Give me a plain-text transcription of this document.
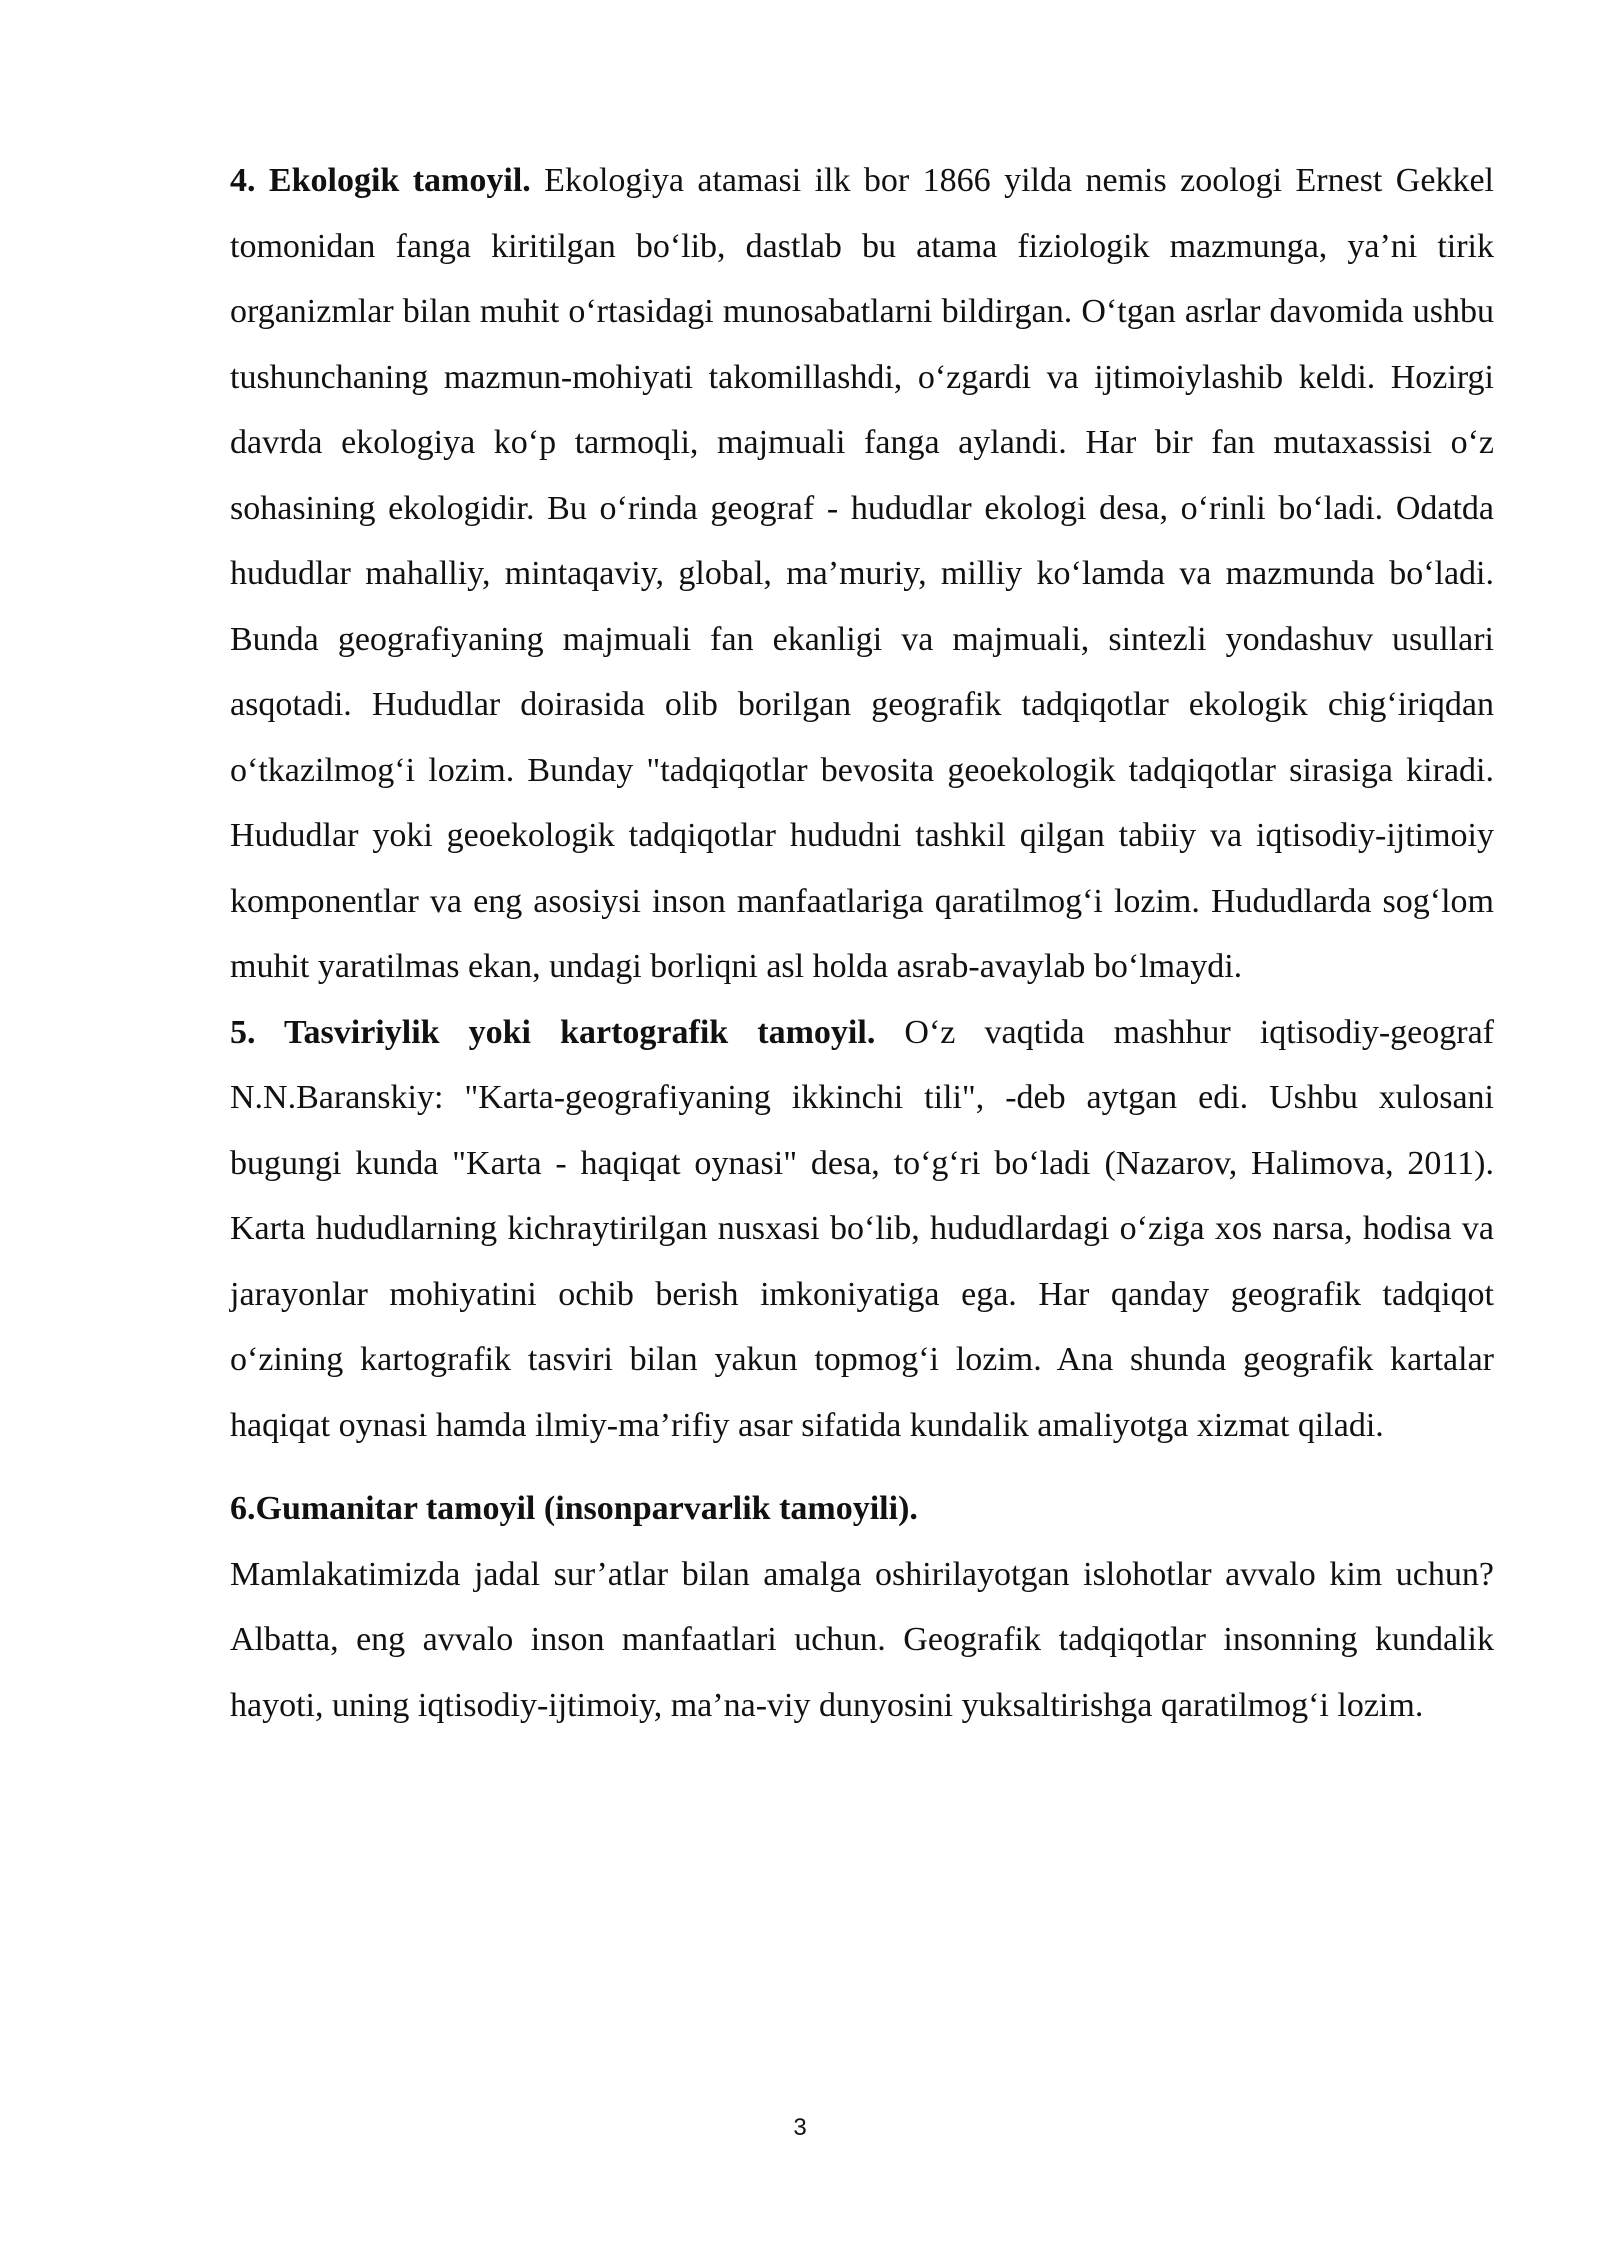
4. Ekologik tamoyil. Ekologiya atamasi ilk bor 1866 yilda nemis zoologi Ernest Gekkel tomonidan fanga kiritilgan bo‘lib, dastlab bu atama fiziologik mazmunga, ya’ni tirik organizmlar bilan muhit o‘rtasidagi munosabatlarni bildirgan. O‘tgan asrlar davomida ushbu tushunchaning mazmun-mohiyati takomillashdi, o‘zgardi va ijtimoiylashib keldi. Hozirgi davrda ekologiya ko‘p tarmoqli, majmuali fanga aylandi. Har bir fan mutaxassisi o‘z sohasining ekologidir. Bu o‘rinda geograf - hududlar ekologi desa, o‘rinli bo‘ladi. Odatda hududlar mahalliy, mintaqaviy, global, ma’muriy, milliy ko‘lamda va mazmunda bo‘ladi. Bunda geografiyaning majmuali fan ekanligi va majmuali, sintezli yondashuv usullari asqotadi. Hududlar doirasida olib borilgan geografik tadqiqotlar ekologik chig‘iriqdan o‘tkazilmog‘i lozim. Bunday "tadqiqotlar bevosita geoekologik tadqiqotlar sirasiga kiradi. Hududlar yoki geoekologik tadqiqotlar hududni tashkil qilgan tabiiy va iqtisodiy-ijtimoiy komponentlar va eng asosiysi inson manfaatlariga qaratilmog‘i lozim. Hududlarda sog‘lom muhit yaratilmas ekan, undagi borliqni asl holda asrab-avaylab bo‘lmaydi.

5. Tasviriylik yoki kartografik tamoyil. O‘z vaqtida mashhur iqtisodiy-geograf N.N.Baranskiy: "Karta-geografiyaning ikkinchi tili", -deb aytgan edi. Ushbu xulosani bugungi kunda "Karta - haqiqat oynasi" desa, to‘g‘ri bo‘ladi (Nazarov, Halimova, 2011). Karta hududlarning kichraytirilgan nusxasi bo‘lib, hududlardagi o‘ziga xos narsa, hodisa va jarayonlar mohiyatini ochib berish imkoniyatiga ega. Har qanday geografik tadqiqot o‘zining kartografik tasviri bilan yakun topmog‘i lozim. Ana shunda geografik kartalar haqiqat oynasi hamda ilmiy-ma’rifiy asar sifatida kundalik amaliyotga xizmat qiladi.

6.Gumanitar tamoyil (insonparvarlik tamoyili).

Mamlakatimizda jadal sur’atlar bilan amalga oshirilayotgan islohotlar avvalo kim uchun? Albatta, eng avvalo inson manfaatlari uchun. Geografik tadqiqotlar insonning kundalik hayoti, uning iqtisodiy-ijtimoiy, ma’na-viy dunyosini yuksaltirishga qaratilmog‘i lozim.

3
